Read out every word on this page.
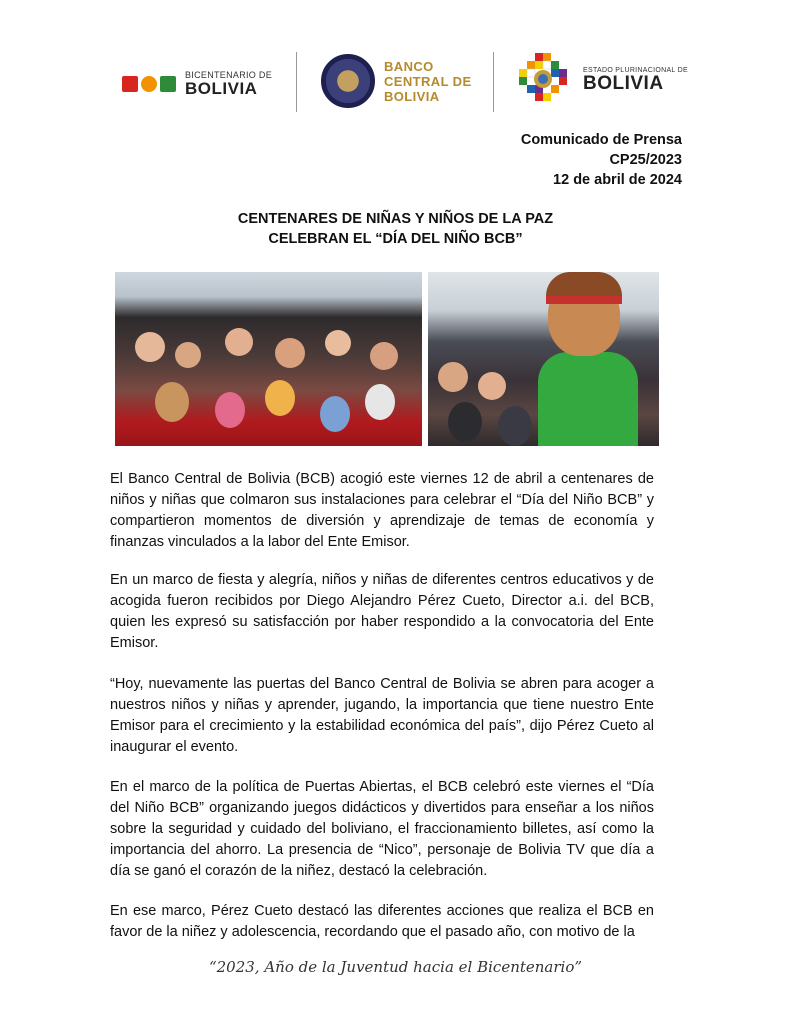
BICENTENARIO DE
BOLIVIA
BANCO
CENTRAL DE
BOLIVIA
ESTADO PLURINACIONAL DE
BOLIVIA
Comunicado de Prensa
CP25/2023
12 de abril de 2024
CENTENARES DE NIÑAS Y NIÑOS DE LA PAZ
CELEBRAN EL “DÍA DEL NIÑO BCB”

El Banco Central de Bolivia (BCB) acogió este viernes 12 de abril a centenares de niños y niñas que colmaron sus instalaciones para celebrar el “Día del Niño BCB” y compartieron momentos de diversión y aprendizaje de temas de economía y finanzas vinculados a la labor del Ente Emisor.

En un marco de fiesta y alegría, niños y niñas de diferentes centros educativos y de acogida fueron recibidos por Diego Alejandro Pérez Cueto, Director a.i. del BCB, quien les expresó su satisfacción por haber respondido a la convocatoria del Ente Emisor.

“Hoy, nuevamente las puertas del Banco Central de Bolivia se abren para acoger a nuestros niños y niñas y aprender, jugando, la importancia que tiene nuestro Ente Emisor para el crecimiento y la estabilidad económica del país”, dijo Pérez Cueto al inaugurar el evento.

En el marco de la política de Puertas Abiertas, el BCB celebró este viernes el “Día del Niño BCB” organizando juegos didácticos y divertidos para enseñar a los niños sobre la seguridad y cuidado del boliviano, el fraccionamiento billetes, así como la importancia del ahorro. La presencia de “Nico”, personaje de Bolivia TV que día a día se ganó el corazón de la niñez, destacó la celebración.

En ese marco, Pérez Cueto destacó las diferentes acciones que realiza el BCB en favor de la niñez y adolescencia, recordando que el pasado año, con motivo de la

“2023, Año de la Juventud hacia el Bicentenario”
